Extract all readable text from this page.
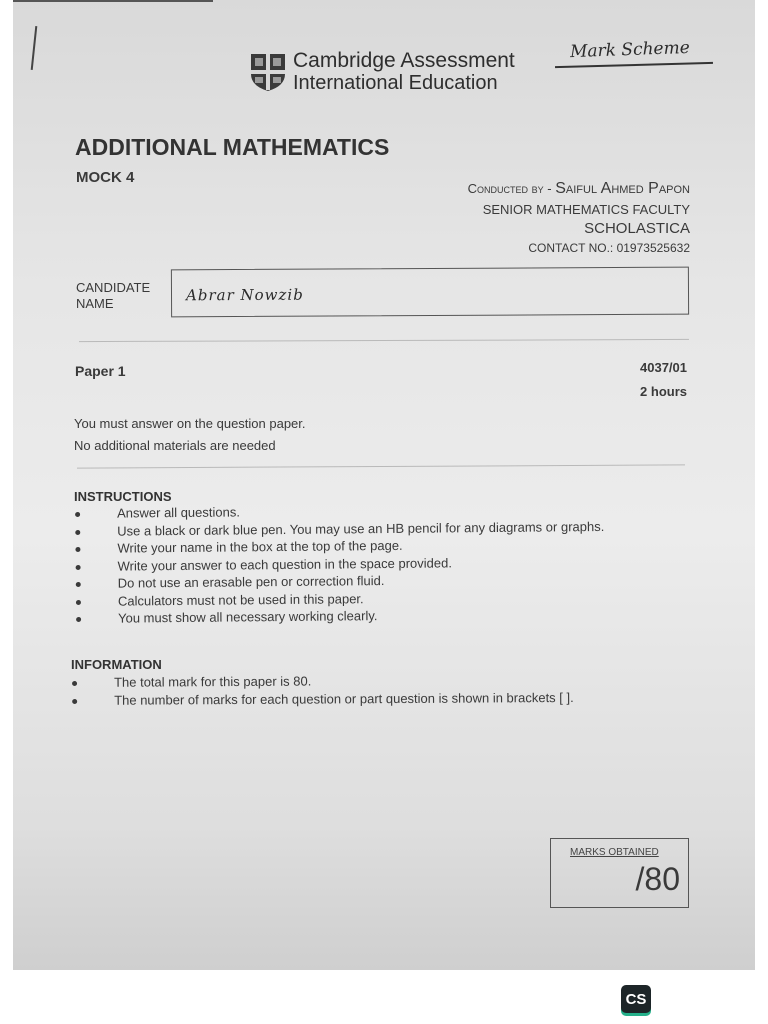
Cambridge Assessment
International Education
Mark Scheme
ADDITIONAL MATHEMATICS
MOCK 4
Conducted by - Saiful Ahmed Papon
SENIOR MATHEMATICS FACULTY
SCHOLASTICA
CONTACT NO.: 01973525632
CANDIDATE
NAME	Abrar Nowzib
Paper 1	4037/01
2 hours
You must answer on the question paper.
No additional materials are needed
INSTRUCTIONS
Answer all questions.
Use a black or dark blue pen. You may use an HB pencil for any diagrams or graphs.
Write your name in the box at the top of the page.
Write your answer to each question in the space provided.
Do not use an erasable pen or correction fluid.
Calculators must not be used in this paper.
You must show all necessary working clearly.
INFORMATION
The total mark for this paper is 80.
The number of marks for each question or part question is shown in brackets [ ].
MARKS OBTAINED
/80
CS
